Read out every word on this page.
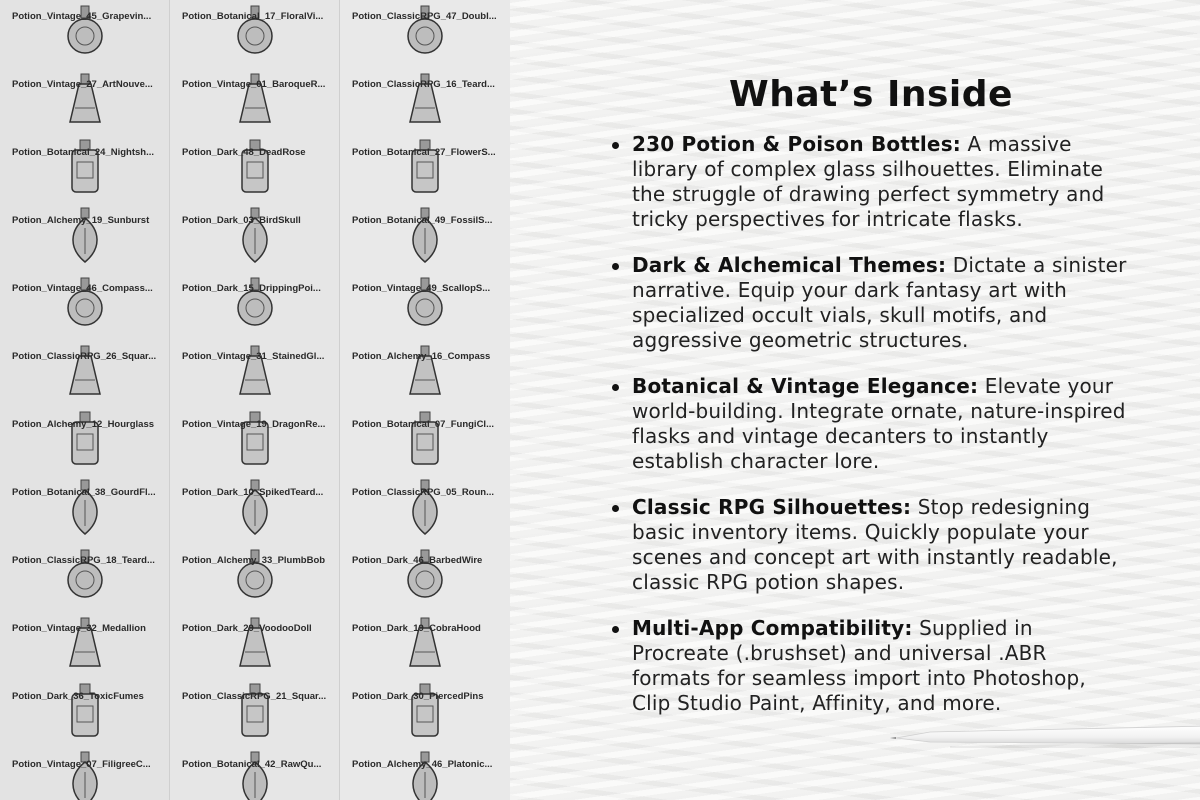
Potion_Vintage_45_Grapevin...
Potion_Vintage_27_ArtNouve...
Potion_Botanical_24_Nightsh...
Potion_Alchemy_19_Sunburst
Potion_Vintage_46_Compass...
Potion_ClassicRPG_26_Squar...
Potion_Alchemy_12_Hourglass
Potion_Botanical_38_GourdFl...
Potion_ClassicRPG_18_Teard...
Potion_Vintage_32_Medallion
Potion_Dark_36_ToxicFumes
Potion_Vintage_07_FiligreeC...
Potion_Botanical_17_FloralVi...
Potion_Vintage_01_BaroqueR...
Potion_Dark_48_DeadRose
Potion_Dark_03_BirdSkull
Potion_Dark_15_DrippingPoi...
Potion_Vintage_31_StainedGl...
Potion_Vintage_19_DragonRe...
Potion_Dark_10_SpikedTeard...
Potion_Alchemy_33_PlumbBob
Potion_Dark_29_VoodooDoll
Potion_ClassicRPG_21_Squar...
Potion_Botanical_42_RawQu...
Potion_ClassicRPG_47_Doubl...
Potion_ClassicRPG_16_Teard...
Potion_Botanical_27_FlowerS...
Potion_Botanical_49_FossilS...
Potion_Vintage_49_ScallopS...
Potion_Alchemy_16_Compass
Potion_Botanical_07_FungiCl...
Potion_ClassicRPG_05_Roun...
Potion_Dark_46_BarbedWire
Potion_Dark_19_CobraHood
Potion_Dark_30_PiercedPins
Potion_Alchemy_46_Platonic...
What’s Inside
230 Potion & Poison Bottles: A massive library of complex glass silhouettes. Eliminate the struggle of drawing perfect symmetry and tricky perspectives for intricate flasks.
Dark & Alchemical Themes: Dictate a sinister narrative. Equip your dark fantasy art with specialized occult vials, skull motifs, and aggressive geometric structures.
Botanical & Vintage Elegance: Elevate your world-building. Integrate ornate, nature-inspired flasks and vintage decanters to instantly establish character lore.
Classic RPG Silhouettes: Stop redesigning basic inventory items. Quickly populate your scenes and concept art with instantly readable, classic RPG potion shapes.
Multi-App Compatibility: Supplied in Procreate (.brushset) and universal .ABR formats for seamless import into Photoshop, Clip Studio Paint, Affinity, and more.
